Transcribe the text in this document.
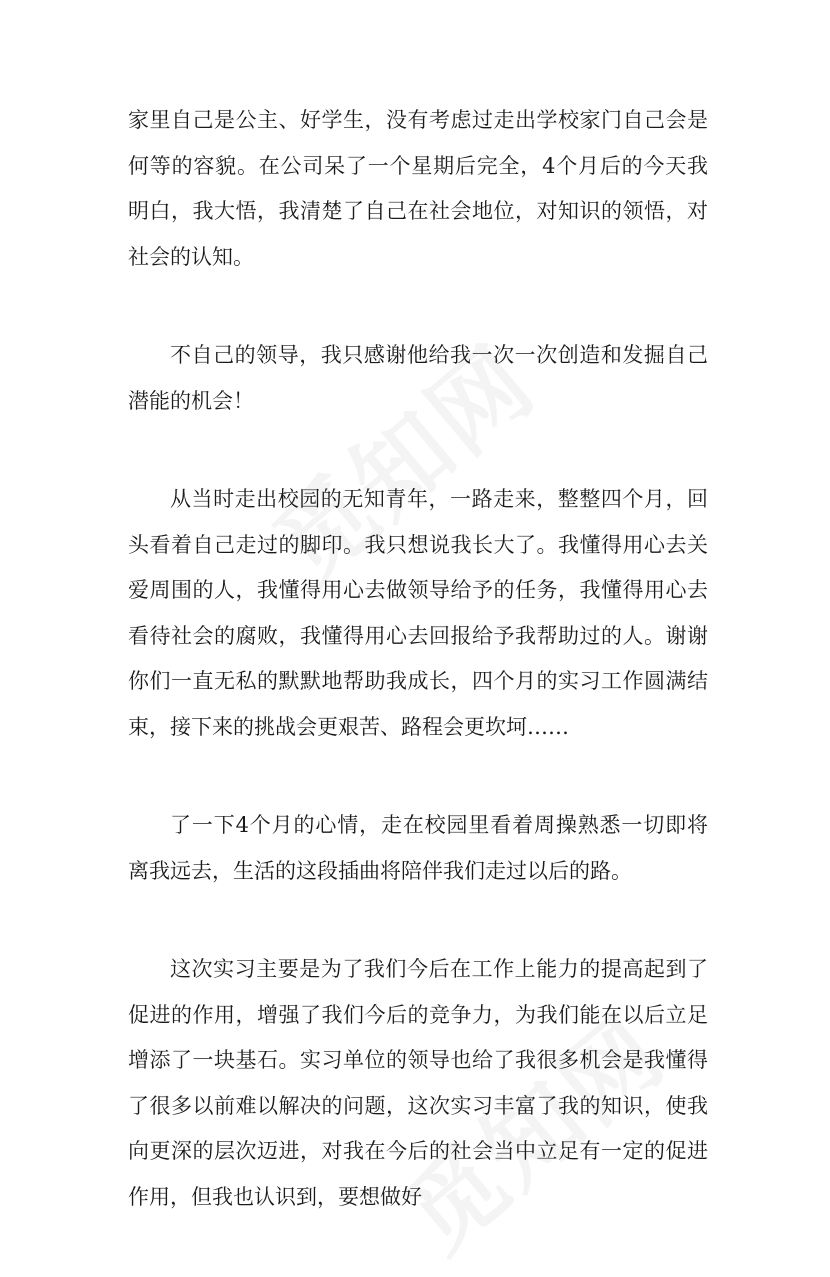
家里自己是公主、好学生，没有考虑过走出学校家门自己会是何等的容貌。在公司呆了一个星期后完全，4个月后的今天我明白，我大悟，我清楚了自己在社会地位，对知识的领悟，对社会的认知。

不自己的领导，我只感谢他给我一次一次创造和发掘自己潜能的机会！

从当时走出校园的无知青年，一路走来，整整四个月，回头看着自己走过的脚印。我只想说我长大了。我懂得用心去关爱周围的人，我懂得用心去做领导给予的任务，我懂得用心去看待社会的腐败，我懂得用心去回报给予我帮助过的人。谢谢你们一直无私的默默地帮助我成长，四个月的实习工作圆满结束，接下来的挑战会更艰苦、路程会更坎坷……

了一下4个月的心情，走在校园里看着周操熟悉一切即将离我远去，生活的这段插曲将陪伴我们走过以后的路。

这次实习主要是为了我们今后在工作上能力的提高起到了促进的作用，增强了我们今后的竞争力，为我们能在以后立足增添了一块基石。实习单位的领导也给了我很多机会是我懂得了很多以前难以解决的问题，这次实习丰富了我的知识，使我向更深的层次迈进，对我在今后的社会当中立足有一定的促进作用，但我也认识到，要想做好
